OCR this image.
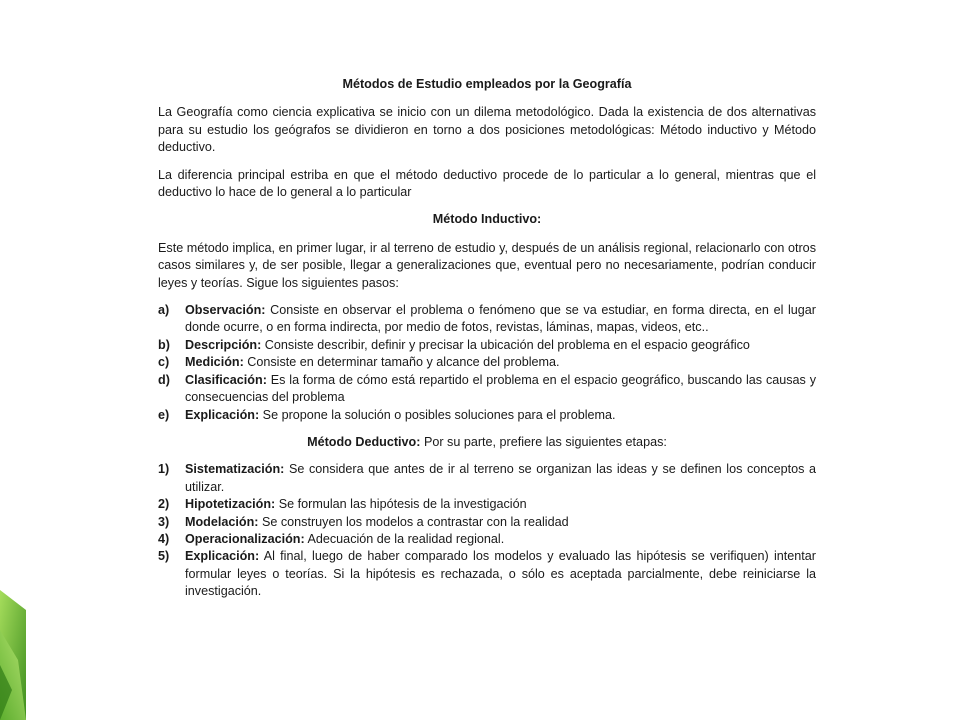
Métodos de Estudio empleados por la Geografía

La Geografía como ciencia explicativa se inicio con un dilema metodológico. Dada la existencia de dos alternativas para su estudio los geógrafos se dividieron en torno a dos posiciones metodológicas: Método inductivo y Método deductivo.

La diferencia principal estriba en que el método deductivo procede de lo particular a lo general, mientras que el deductivo lo hace de lo general a lo particular

Método Inductivo:

Este método implica, en primer lugar, ir al terreno de estudio y, después de un análisis regional, relacionarlo con otros casos similares y, de ser posible, llegar a generalizaciones que, eventual pero no necesariamente, podrían conducir leyes y teorías. Sigue los siguientes pasos:

a)	Observación: Consiste en observar el problema o fenómeno que se va estudiar, en forma directa, en el lugar donde ocurre, o en forma indirecta, por medio de fotos, revistas, láminas, mapas, videos, etc..
b)	Descripción: Consiste describir, definir y precisar la ubicación del problema en el espacio geográfico
c)	Medición: Consiste en determinar tamaño y alcance del problema.
d)	Clasificación: Es la forma de cómo está repartido el problema en el espacio geográfico, buscando las causas y consecuencias del problema
e)	Explicación: Se propone la solución o posibles soluciones para el problema.
Método Deductivo: Por su parte, prefiere las siguientes etapas:
1)	Sistematización: Se considera que antes de ir al terreno se organizan las ideas y se definen los conceptos a utilizar.
2)	Hipotetización: Se formulan las hipótesis de la investigación
3)	Modelación: Se construyen los modelos a contrastar con la realidad
4)	Operacionalización: Adecuación de la realidad regional.
5)	Explicación: Al final, luego de haber comparado los modelos y evaluado las hipótesis se verifiquen) intentar formular leyes o teorías. Si la hipótesis es rechazada, o sólo es aceptada parcialmente, debe reiniciarse la investigación.
